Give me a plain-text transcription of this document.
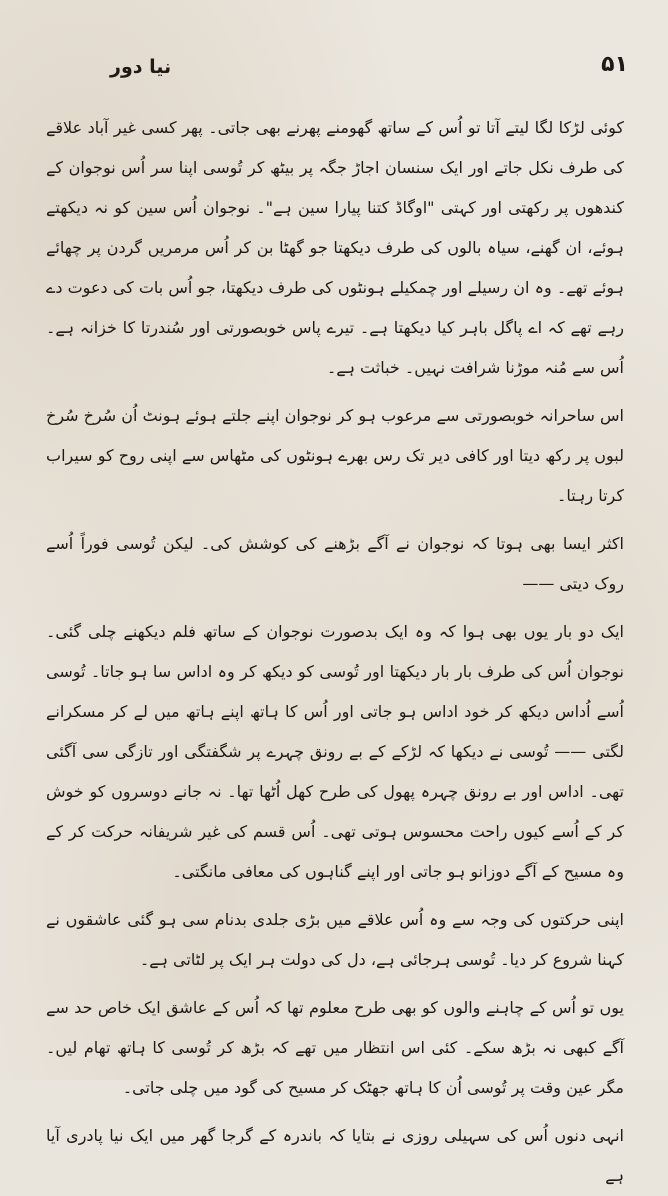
۵۱
نیا دور

کوئی لڑکا لگا لیتے آتا تو اُس کے ساتھ گھومنے پھرنے بھی جاتی۔ پھر کسی غیر آباد علاقے کی طرف نکل جاتے اور ایک سنسان اجاڑ جگہ پر بیٹھ کر تُوسی اپنا سر اُس نوجوان کے کندھوں پر رکھتی اور کہتی "اوگاڈ کتنا پیارا سین ہے"۔ نوجوان اُس سین کو نہ دیکھتے ہوئے، ان گھنے، سیاہ بالوں کی طرف دیکھتا جو گھٹا بن کر اُس مرمریں گردن پر چھائے ہوئے تھے۔ وہ ان رسیلے اور چمکیلے ہونٹوں کی طرف دیکھتا، جو اُس بات کی دعوت دے رہے تھے کہ اے پاگل باہر کیا دیکھتا ہے۔ تیرے پاس خوبصورتی اور سُندرتا کا خزانہ ہے۔ اُس سے مُنہ موڑنا شرافت نہیں۔ خباثت ہے۔

اس ساحرانہ خوبصورتی سے مرعوب ہو کر نوجوان اپنے جلتے ہوئے ہونٹ اُن سُرخ سُرخ لبوں پر رکھ دیتا اور کافی دیر تک رس بھرے ہونٹوں کی مٹھاس سے اپنی روح کو سیراب کرتا رہتا۔

اکثر ایسا بھی ہوتا کہ نوجوان نے آگے بڑھنے کی کوشش کی۔ لیکن تُوسی فوراً اُسے روک دیتی ——

ایک دو بار یوں بھی ہوا کہ وہ ایک بدصورت نوجوان کے ساتھ فلم دیکھنے چلی گئی۔ نوجوان اُس کی طرف بار بار دیکھتا اور تُوسی کو دیکھ کر وہ اداس سا ہو جاتا۔ تُوسی اُسے اُداس دیکھ کر خود اداس ہو جاتی اور اُس کا ہاتھ اپنے ہاتھ میں لے کر مسکرانے لگتی —— تُوسی نے دیکھا کہ لڑکے کے بے رونق چہرے پر شگفتگی اور تازگی سی آگئی تھی۔ اداس اور بے رونق چہرہ پھول کی طرح کھل اُٹھا تھا۔ نہ جانے دوسروں کو خوش کر کے اُسے کیوں راحت محسوس ہوتی تھی۔ اُس قسم کی غیر شریفانہ حرکت کر کے وہ مسیح کے آگے دوزانو ہو جاتی اور اپنے گناہوں کی معافی مانگتی۔

اپنی حرکتوں کی وجہ سے وہ اُس علاقے میں بڑی جلدی بدنام سی ہو گئی عاشقوں نے کہنا شروع کر دیا۔ تُوسی ہرجائی ہے، دل کی دولت ہر ایک پر لٹاتی ہے۔

یوں تو اُس کے چاہنے والوں کو بھی طرح معلوم تھا کہ اُس کے عاشق ایک خاص حد سے آگے کبھی نہ بڑھ سکے۔ کئی اس انتظار میں تھے کہ بڑھ کر تُوسی کا ہاتھ تھام لیں۔ مگر عین وقت پر تُوسی اُن کا ہاتھ جھٹک کر مسیح کی گود میں چلی جاتی۔

انہی دنوں اُس کی سہیلی روزی نے بتایا کہ باندرہ کے گرجا گھر میں ایک نیا پادری آیا ہے
